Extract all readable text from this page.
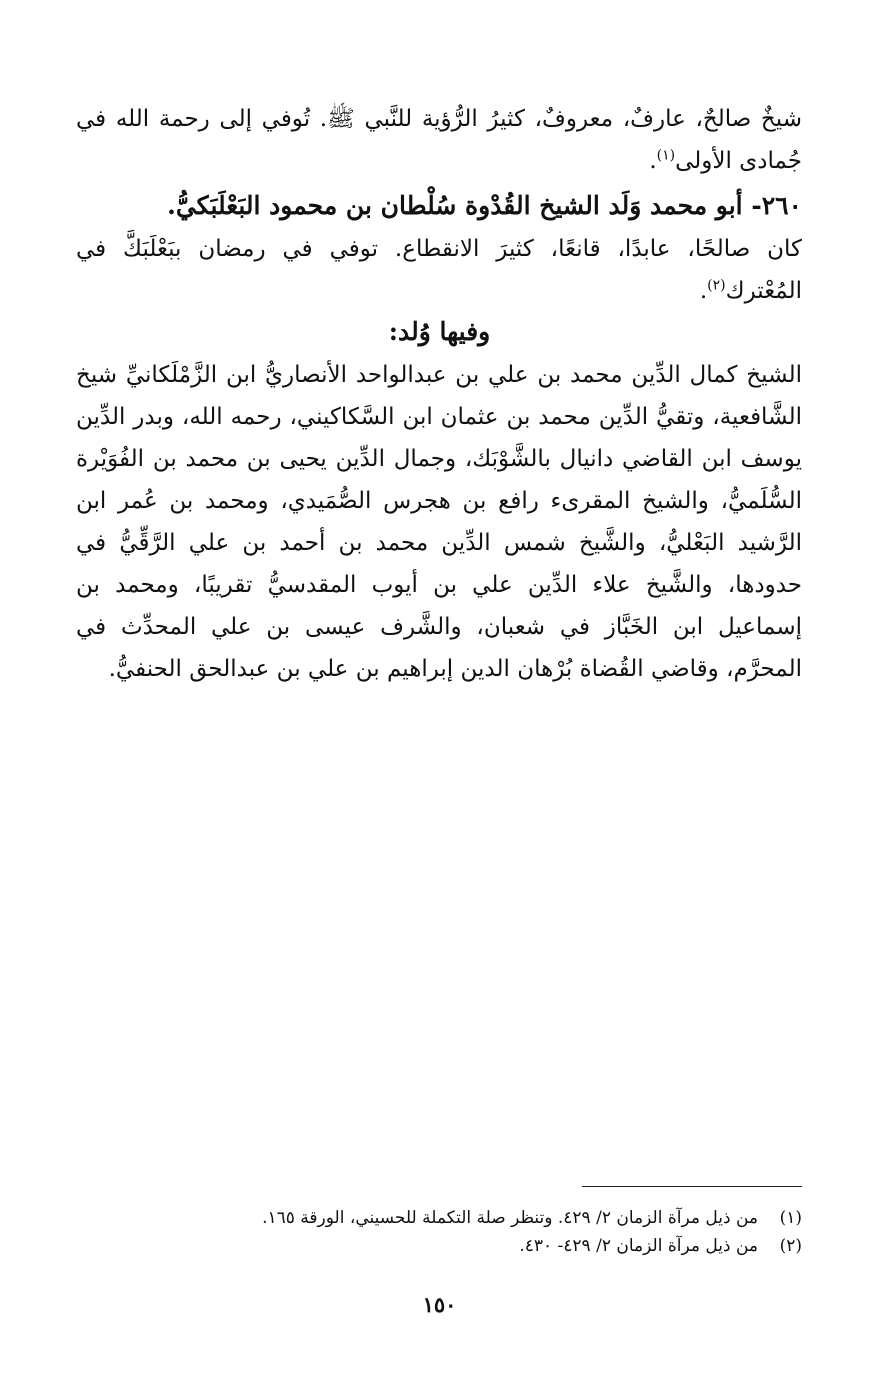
شيخٌ صالحٌ، عارفٌ، معروفٌ، كثيرُ الرُّؤية للنَّبي ﷺ. تُوفي إلى رحمة الله في جُمادى الأولى$^{(١)}$.
٢٦٠- أبو محمد وَلَد الشيخ القُدْوة سُلْطان بن محمود البَعْلَبَكيُّ.
كان صالحًا، عابدًا، قانعًا، كثيرَ الانقطاع. توفي في رمضان ببَعْلَبَكَّ في المُعْترك$^{(٢)}$.
وفيها وُلد:
الشيخ كمال الدِّين محمد بن علي بن عبدالواحد الأنصاريُّ ابن الزَّمْلَكانيِّ شيخ الشَّافعية، وتقيُّ الدِّين محمد بن عثمان ابن السَّكاكيني، رحمه الله، وبدر الدِّين يوسف ابن القاضي دانيال بالشَّوْبَك، وجمال الدِّين يحيى بن محمد بن الفُوَيْرة السُّلَميُّ، والشيخ المقرىء رافع بن هجرس الصُّمَيدي، ومحمد بن عُمر ابن الرَّشيد البَعْليُّ، والشَّيخ شمس الدِّين محمد بن أحمد بن علي الرَّقِّيُّ في حدودها، والشَّيخ علاء الدِّين علي بن أيوب المقدسيُّ تقريبًا، ومحمد بن إسماعيل ابن الخَبَّاز في شعبان، والشَّرف عيسى بن علي المحدِّث في المحرَّم، وقاضي القُضاة بُرْهان الدين إبراهيم بن علي بن عبدالحق الحنفيُّ.
(١)من ذيل مرآة الزمان ٢/ ٤٢٩. وتنظر صلة التكملة للحسيني، الورقة ١٦٥.
(٢)من ذيل مرآة الزمان ٢/ ٤٢٩- ٤٣٠.
١٥٠
